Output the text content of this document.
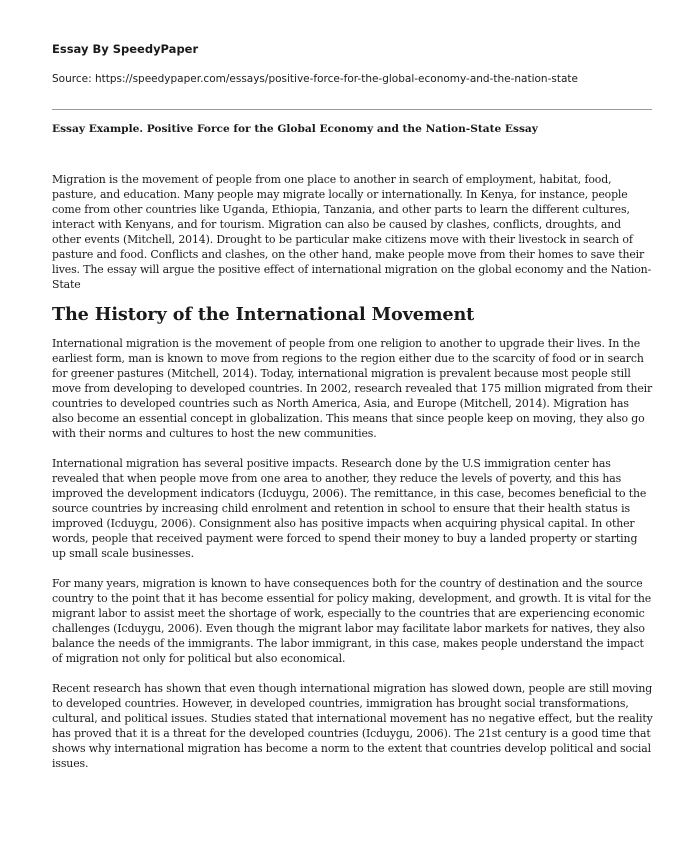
Essay By SpeedyPaper

Source: https://speedypaper.com/essays/positive-force-for-the-global-economy-and-the-nation-state

Essay Example. Positive Force for the Global Economy and the Nation-State Essay

Migration is the movement of people from one place to another in search of employment, habitat, food, pasture, and education. Many people may migrate locally or internationally. In Kenya, for instance, people come from other countries like Uganda, Ethiopia, Tanzania, and other parts to learn the different cultures, interact with Kenyans, and for tourism. Migration can also be caused by clashes, conflicts, droughts, and other events (Mitchell, 2014). Drought to be particular make citizens move with their livestock in search of pasture and food. Conflicts and clashes, on the other hand, make people move from their homes to save their lives. The essay will argue the positive effect of international migration on the global economy and the Nation-State

The History of the International Movement

International migration is the movement of people from one religion to another to upgrade their lives. In the earliest form, man is known to move from regions to the region either due to the scarcity of food or in search for greener pastures (Mitchell, 2014). Today, international migration is prevalent because most people still move from developing to developed countries. In 2002, research revealed that 175 million migrated from their countries to developed countries such as North America, Asia, and Europe (Mitchell, 2014). Migration has also become an essential concept in globalization. This means that since people keep on moving, they also go with their norms and cultures to host the new communities.

International migration has several positive impacts. Research done by the U.S immigration center has revealed that when people move from one area to another, they reduce the levels of poverty, and this has improved the development indicators (Icduygu, 2006). The remittance, in this case, becomes beneficial to the source countries by increasing child enrolment and retention in school to ensure that their health status is improved (Icduygu, 2006). Consignment also has positive impacts when acquiring physical capital. In other words, people that received payment were forced to spend their money to buy a landed property or starting up small scale businesses.

For many years, migration is known to have consequences both for the country of destination and the source country to the point that it has become essential for policy making, development, and growth. It is vital for the migrant labor to assist meet the shortage of work, especially to the countries that are experiencing economic challenges (Icduygu, 2006). Even though the migrant labor may facilitate labor markets for natives, they also balance the needs of the immigrants. The labor immigrant, in this case, makes people understand the impact of migration not only for political but also economical.

Recent research has shown that even though international migration has slowed down, people are still moving to developed countries. However, in developed countries, immigration has brought social transformations, cultural, and political issues. Studies stated that international movement has no negative effect, but the reality has proved that it is a threat for the developed countries (Icduygu, 2006). The 21st century is a good time that shows why international migration has become a norm to the extent that countries develop political and social issues.
